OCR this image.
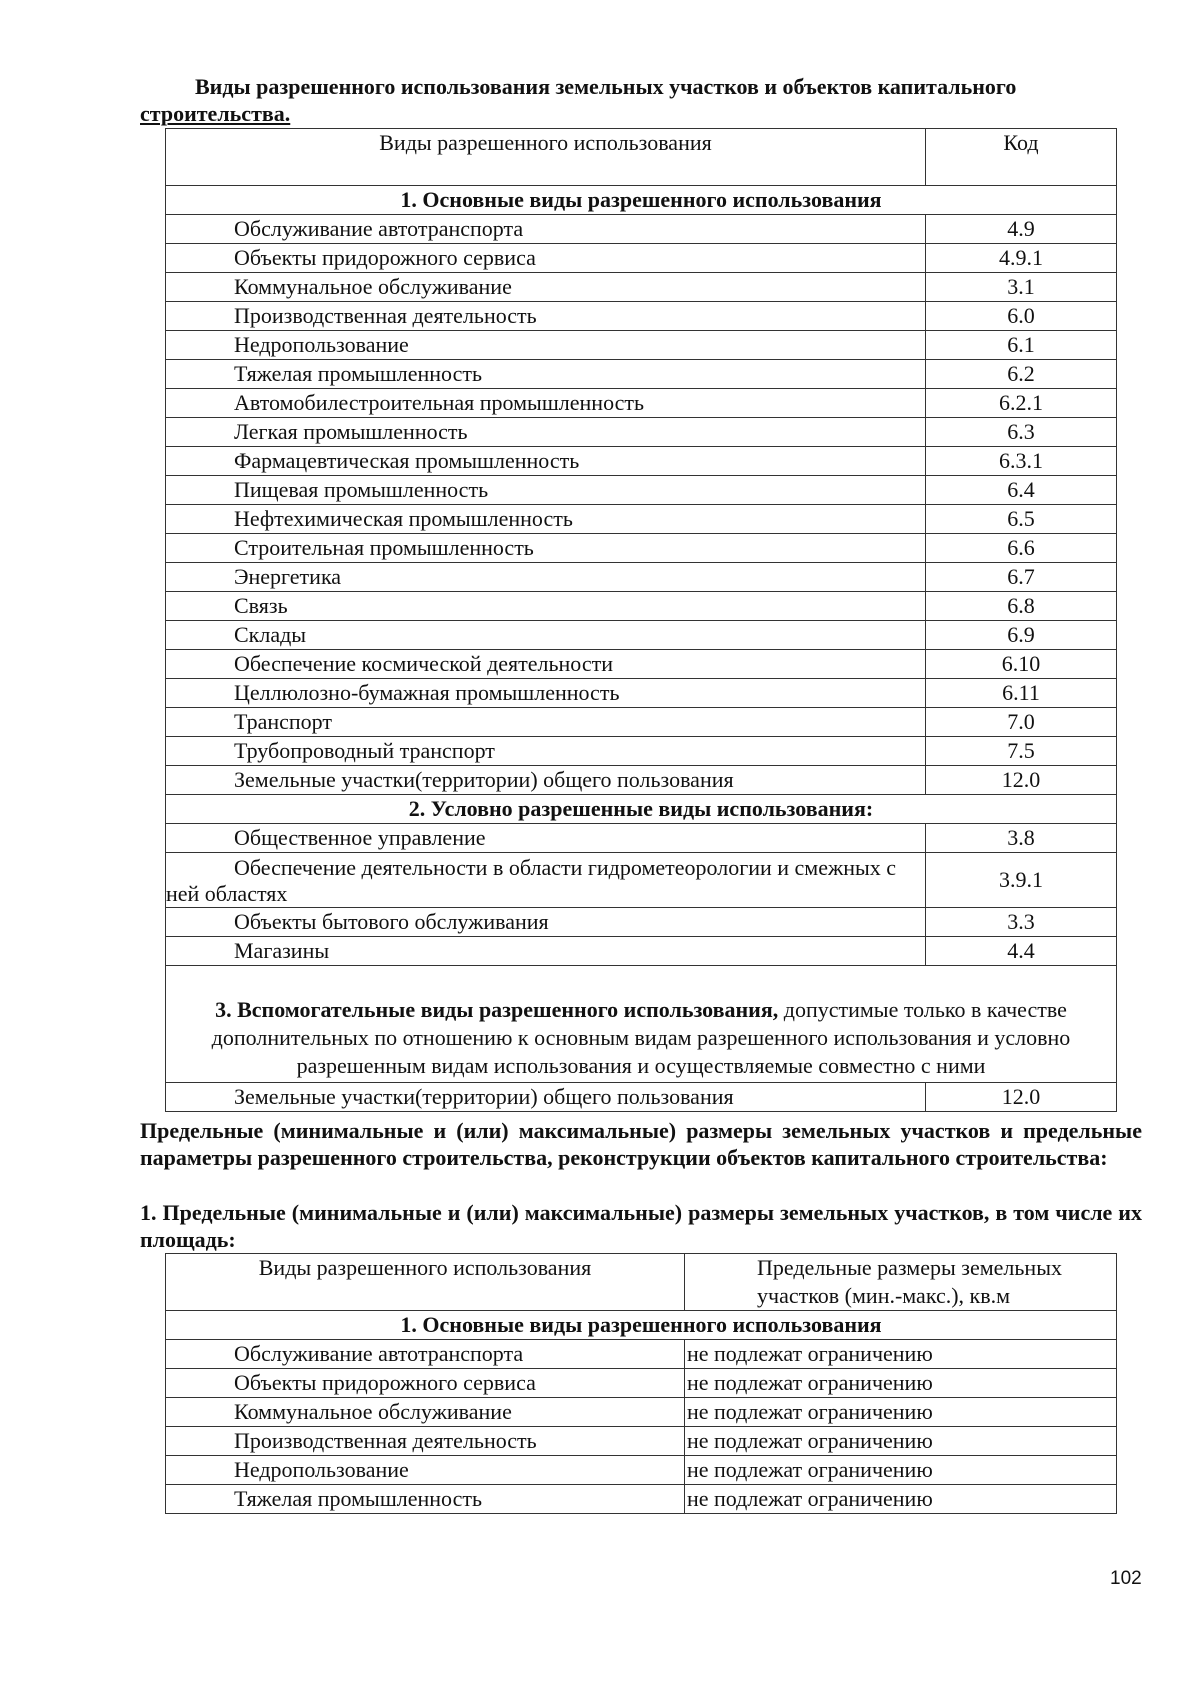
Виды разрешенного использования земельных участков и объектов капитального
строительства.
Виды разрешенного использования	Код
1. Основные виды разрешенного использования	
Обслуживание автотранспорта	4.9
Объекты придорожного сервиса	4.9.1
Коммунальное обслуживание	3.1
Производственная деятельность	6.0
Недропользование	6.1
Тяжелая промышленность	6.2
Автомобилестроительная промышленность	6.2.1
Легкая промышленность	6.3
Фармацевтическая промышленность	6.3.1
Пищевая промышленность	6.4
Нефтехимическая промышленность	6.5
Строительная промышленность	6.6
Энергетика	6.7
Связь	6.8
Склады	6.9
Обеспечение космической деятельности	6.10
Целлюлозно-бумажная промышленность	6.11
Транспорт	7.0
Трубопроводный транспорт	7.5
Земельные участки(территории) общего пользования	12.0
2. Условно разрешенные виды использования:	
Общественное управление	3.8
Обеспечение деятельности в области гидрометеорологии и смежных с ней областях	3.9.1
Объекты бытового обслуживания	3.3
Магазины	4.4
3. Вспомогательные виды разрешенного использования, допустимые только в качестве дополнительных по отношению к основным видам разрешенного использования и условно разрешенным видам использования и осуществляемые совместно с ними	
Земельные участки(территории) общего пользования	12.0
Предельные (минимальные и (или) максимальные) размеры земельных участков и предельные параметры разрешенного строительства, реконструкции объектов капитального строительства:
1. Предельные (минимальные и (или) максимальные) размеры земельных участков, в том числе их площадь:
Виды разрешенного использования	Предельные размеры земельных участков (мин.-макс.), кв.м
1. Основные виды разрешенного использования	
Обслуживание автотранспорта	не подлежат ограничению
Объекты придорожного сервиса	не подлежат ограничению
Коммунальное обслуживание	не подлежат ограничению
Производственная деятельность	не подлежат ограничению
Недропользование	не подлежат ограничению
Тяжелая промышленность	не подлежат ограничению
102
